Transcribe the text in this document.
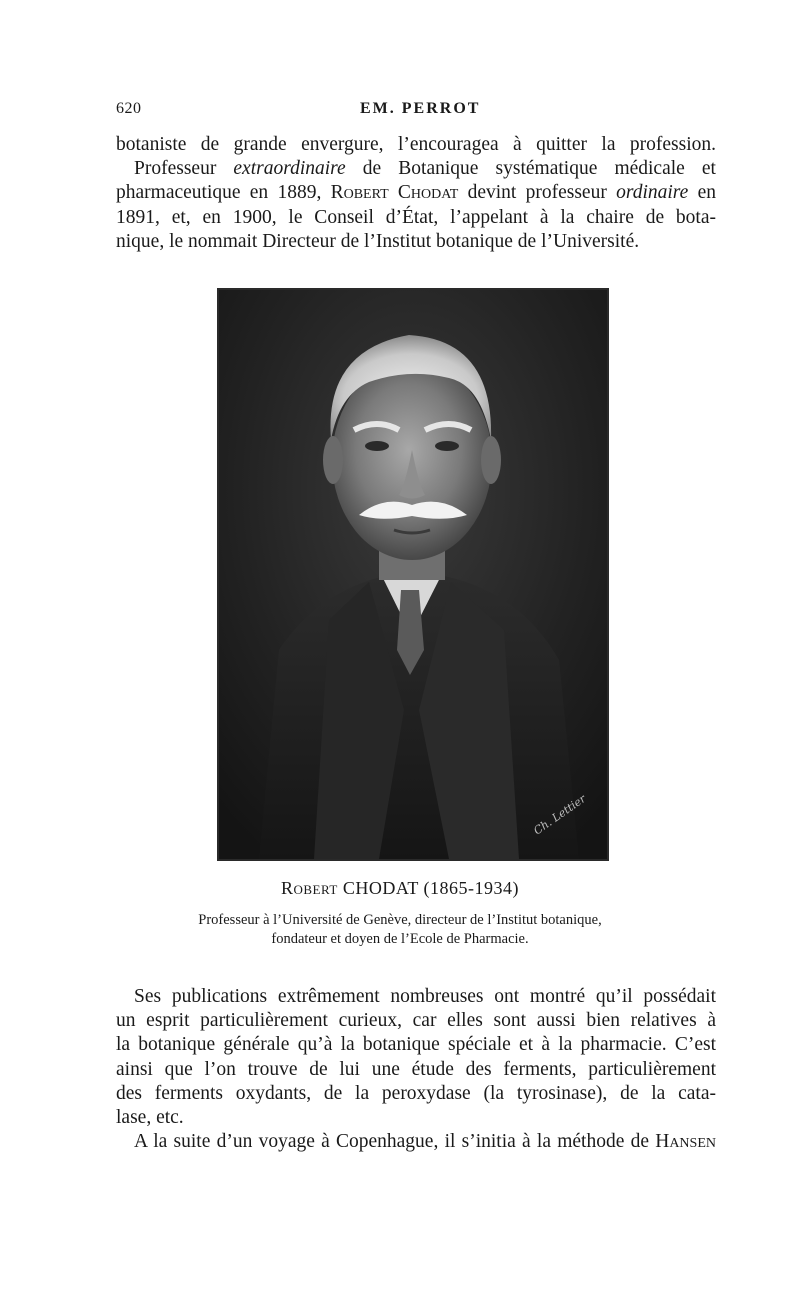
620	EM. PERROT
botaniste de grande envergure, l’encouragea à quitter la profession.
Professeur extraordinaire de Botanique systématique médicale et
pharmaceutique en 1889, Robert Chodat devint professeur ordinaire en
1891, et, en 1900, le Conseil d’État, l’appelant à la chaire de bota-
nique, le nommait Directeur de l’Institut botanique de l’Université.
Ch. Lettier
Robert CHODAT (1865-1934)
Professeur à l’Université de Genève, directeur de l’Institut botanique,
fondateur et doyen de l’Ecole de Pharmacie.
Ses publications extrêmement nombreuses ont montré qu’il possédait
un esprit particulièrement curieux, car elles sont aussi bien relatives à
la botanique générale qu’à la botanique spéciale et à la pharmacie. C’est
ainsi que l’on trouve de lui une étude des ferments, particulièrement
des ferments oxydants, de la peroxydase (la tyrosinase), de la cata-
lase, etc.
A la suite d’un voyage à Copenhague, il s’initia à la méthode de Hansen
